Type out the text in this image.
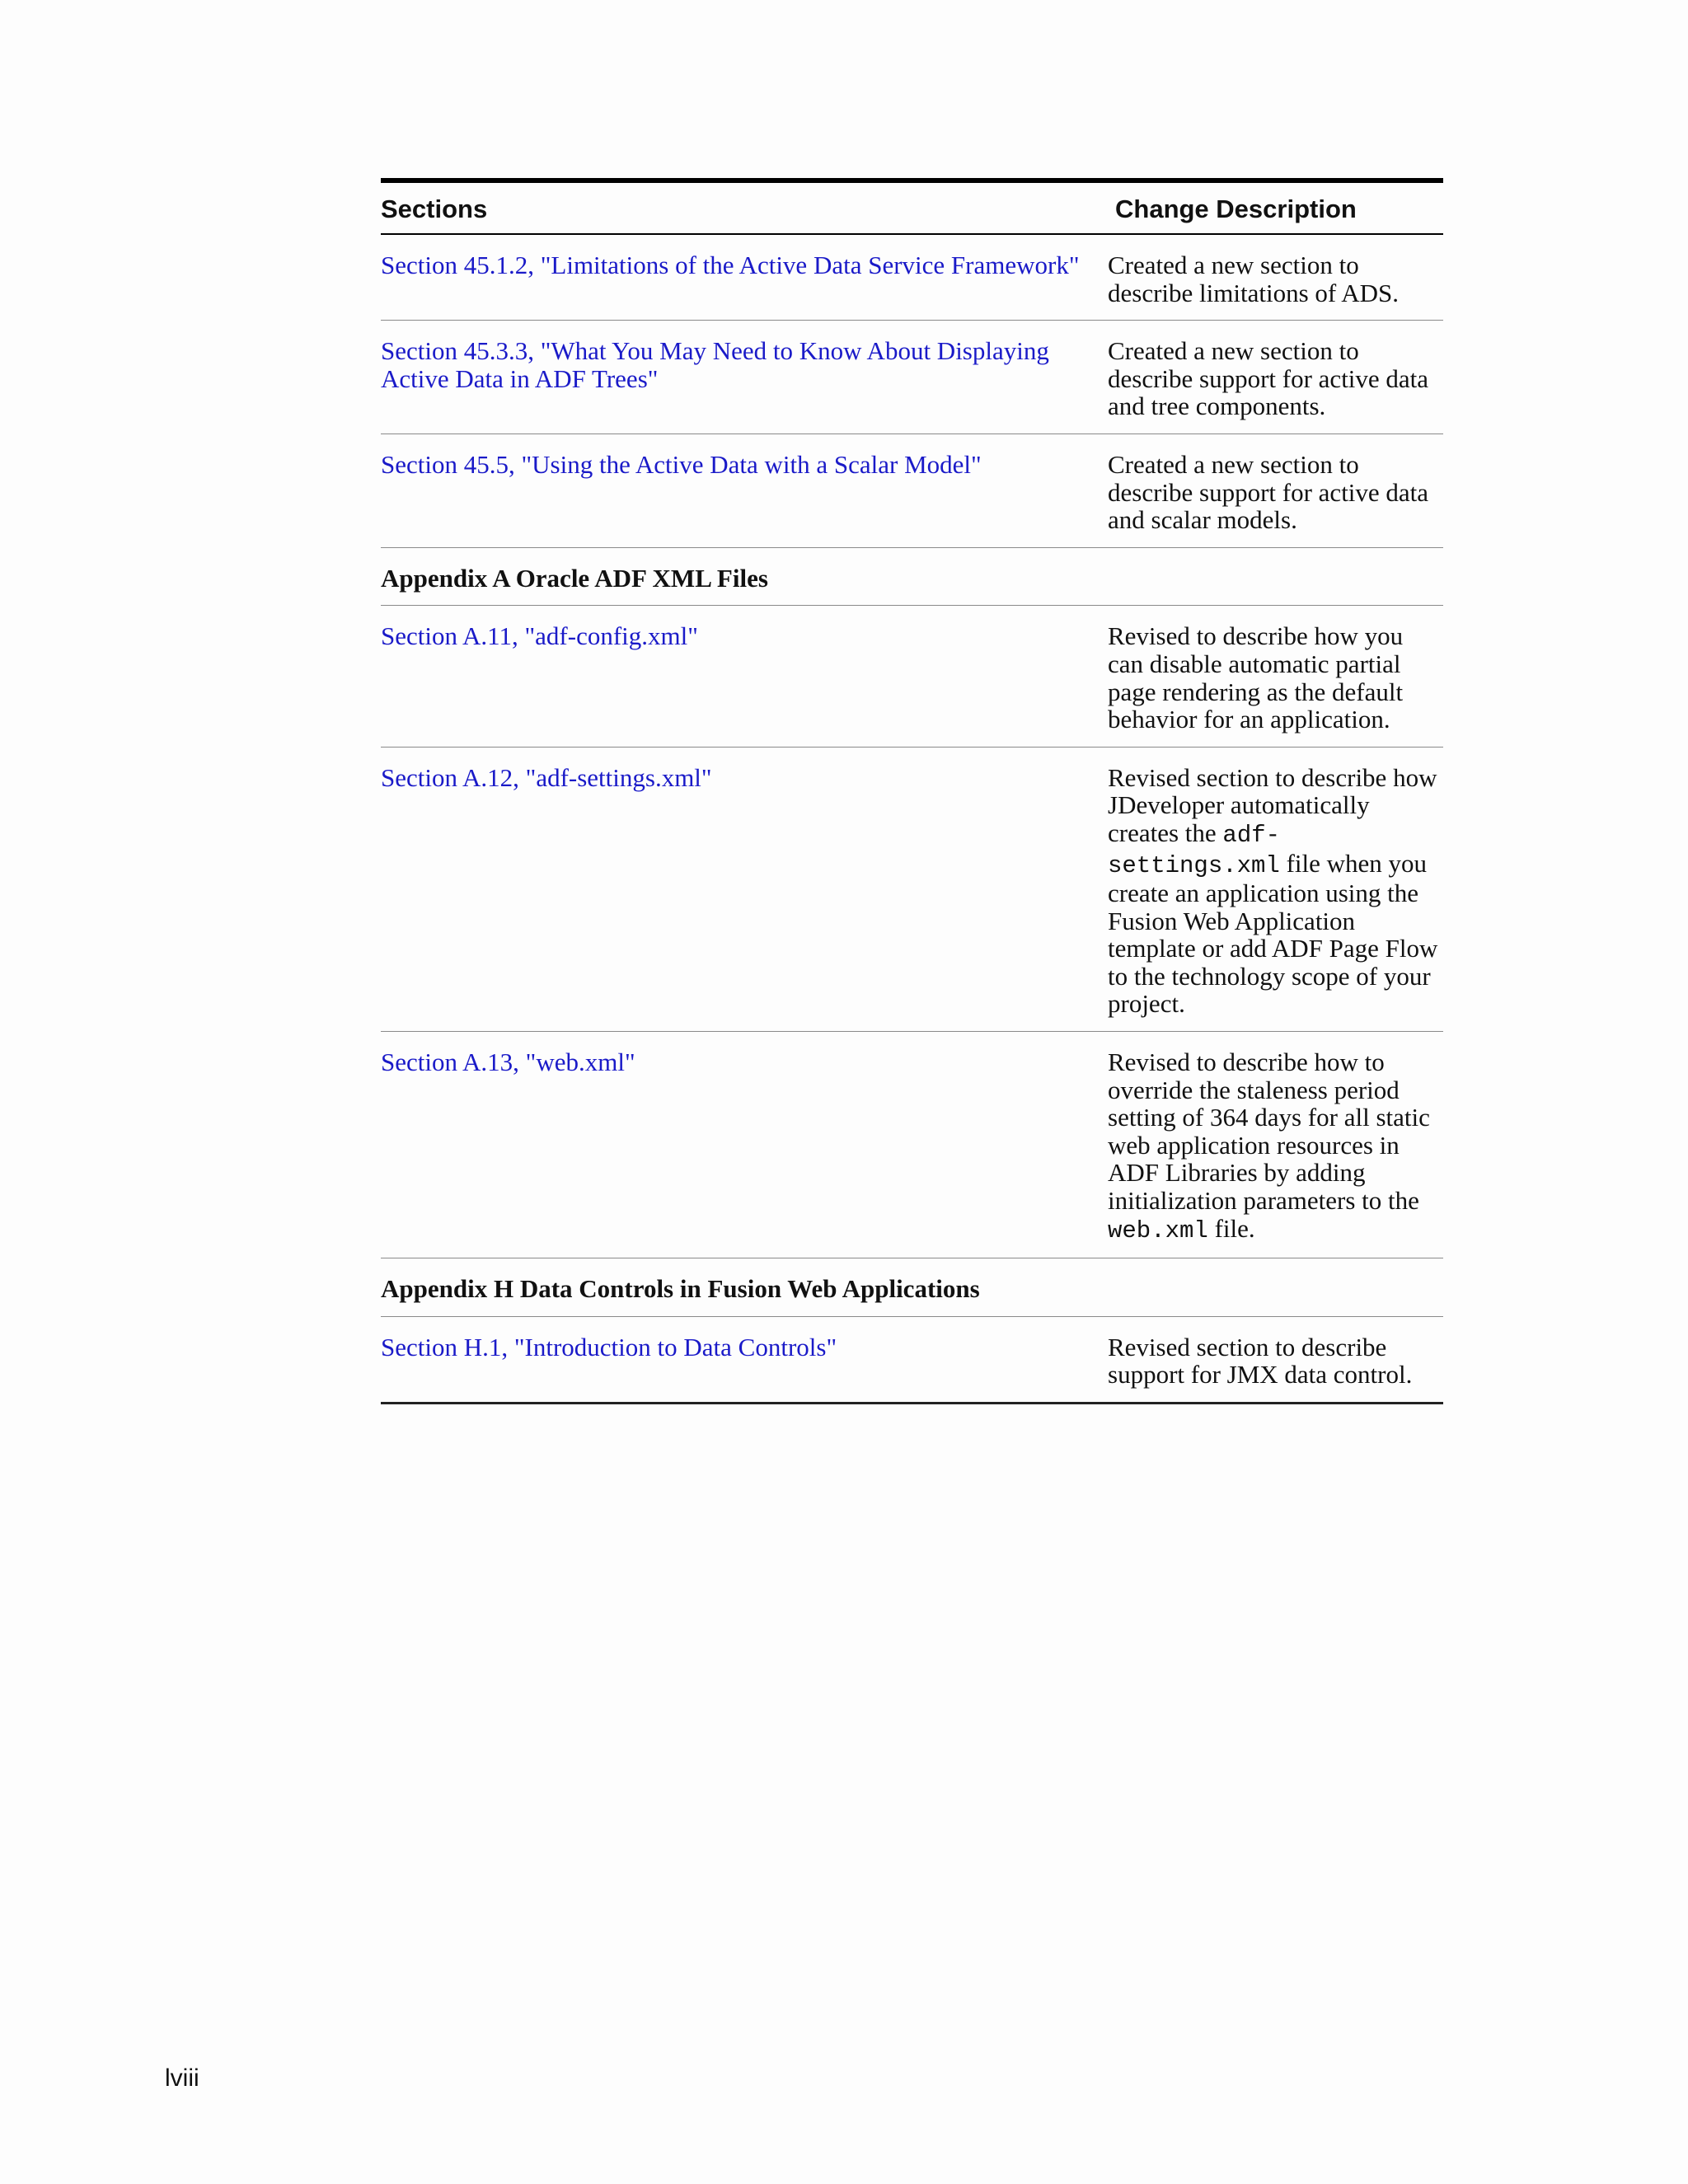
Sections	Change Description
Section 45.1.2, "Limitations of the Active Data Service Framework"	Created a new section to describe limitations of ADS.
Section 45.3.3, "What You May Need to Know About Displaying Active Data in ADF Trees"	Created a new section to describe support for active data and tree components.
Section 45.5, "Using the Active Data with a Scalar Model"	Created a new section to describe support for active data and scalar models.
Appendix A Oracle ADF XML Files	
Section A.11, "adf-config.xml"	Revised to describe how you can disable automatic partial page rendering as the default behavior for an application.
Section A.12, "adf-settings.xml"	Revised section to describe how JDeveloper automatically creates the adf-settings.xml file when you create an application using the Fusion Web Application template or add ADF Page Flow to the technology scope of your project.
Section A.13, "web.xml"	Revised to describe how to override the staleness period setting of 364 days for all static web application resources in ADF Libraries by adding initialization parameters to the web.xml file.
Appendix H Data Controls in Fusion Web Applications	
Section H.1, "Introduction to Data Controls"	Revised section to describe support for JMX data control.
lviii
